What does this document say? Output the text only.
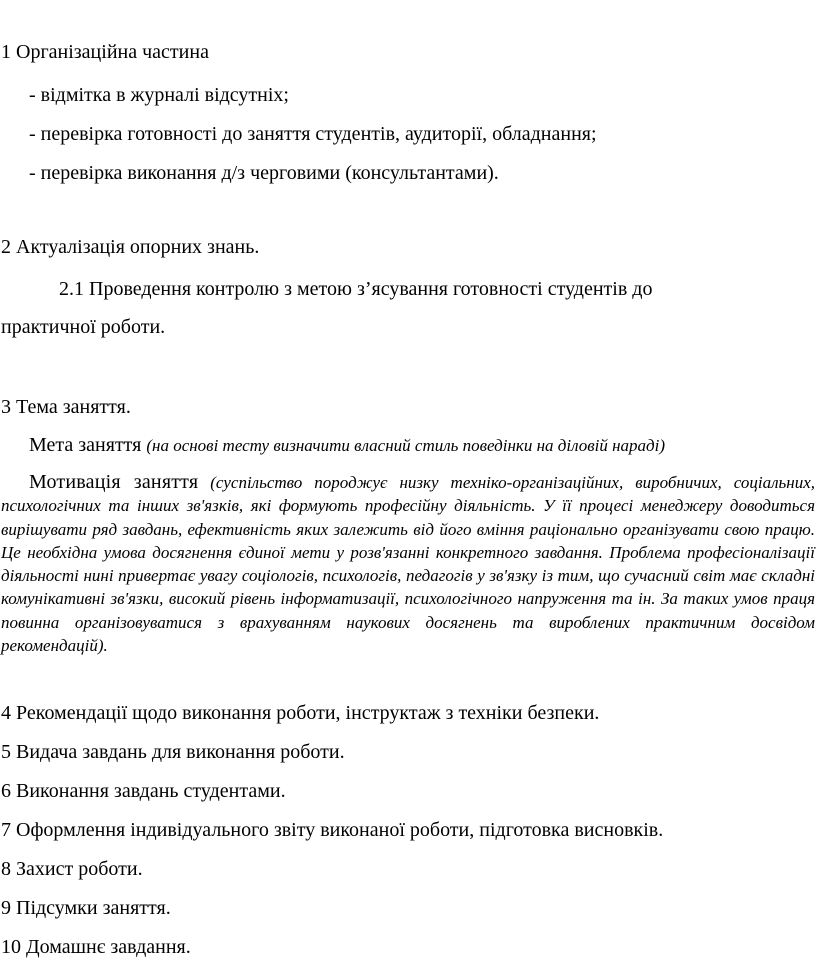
1 Організаційна частина
- відмітка в журналі відсутніх;
- перевірка готовності до заняття студентів, аудиторії, обладнання;
- перевірка виконання д/з черговими (консультантами).
2 Актуалізація опорних знань.
2.1 Проведення контролю з метою з’ясування готовності студентів до
практичної роботи.
3 Тема заняття.
Мета заняття (на основі тесту визначити власний стиль поведінки на діловій нараді)
Мотивація заняття (суспільство породжує низку техніко-організаційних, виробничих, соціальних, психологічних та інших зв'язків, які формують професійну діяльність. У її процесі менеджеру доводиться вирішувати ряд завдань, ефективність яких залежить від його вміння раціонально організувати свою працю. Це необхідна умова досягнення єдиної мети у розв'язанні конкретного завдання. Проблема професіоналізації діяльності нині привертає увагу соціологів, психологів, педагогів у зв'язку із тим, що сучасний світ має складні комунікативні зв'язки, високий рівень інформатизації, психологічного напруження та ін. За таких умов праця повинна організовуватися з врахуванням наукових досягнень та вироблених практичним досвідом рекомендацій).
4 Рекомендації щодо виконання роботи, інструктаж з техніки безпеки.
5 Видача завдань для виконання роботи.
6 Виконання завдань студентами.
7 Оформлення індивідуального звіту виконаної роботи, підготовка висновків.
8 Захист роботи.
9 Підсумки заняття.
10 Домашнє завдання.
